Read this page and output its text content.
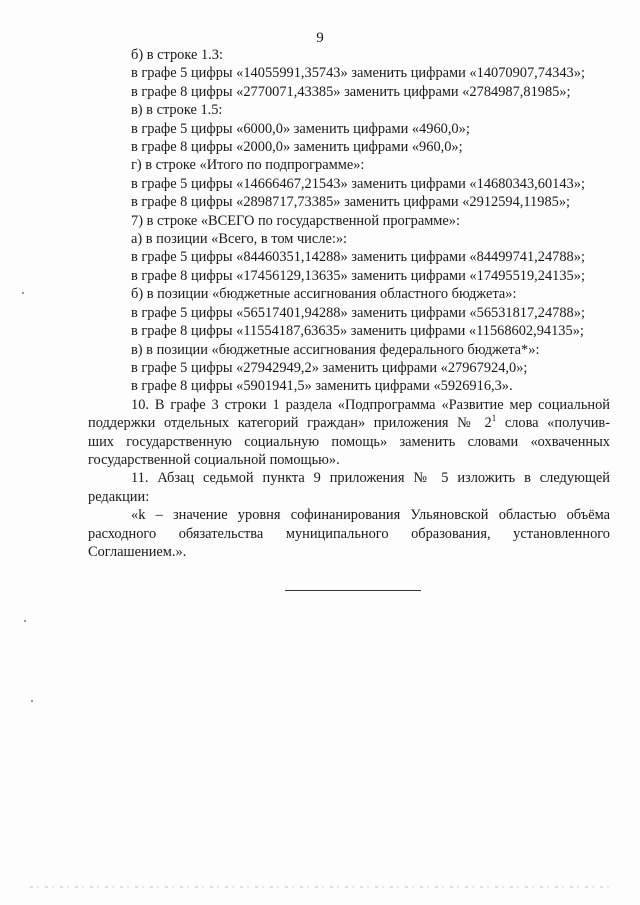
9
б) в строке 1.3:
в графе 5 цифры «14055991,35743» заменить цифрами «14070907,74343»;
в графе 8 цифры «2770071,43385» заменить цифрами «2784987,81985»;
в) в строке 1.5:
в графе 5 цифры «6000,0» заменить цифрами «4960,0»;
в графе 8 цифры «2000,0» заменить цифрами «960,0»;
г) в строке «Итого по подпрограмме»:
в графе 5 цифры «14666467,21543» заменить цифрами «14680343,60143»;
в графе 8 цифры «2898717,73385» заменить цифрами «2912594,11985»;
7) в строке «ВСЕГО по государственной программе»:
а) в позиции «Всего, в том числе:»:
в графе 5 цифры «84460351,14288» заменить цифрами «84499741,24788»;
в графе 8 цифры «17456129,13635» заменить цифрами «17495519,24135»;
б) в позиции «бюджетные ассигнования областного бюджета»:
в графе 5 цифры «56517401,94288» заменить цифрами «56531817,24788»;
в графе 8 цифры «11554187,63635» заменить цифрами «11568602,94135»;
в) в позиции «бюджетные ассигнования федерального бюджета*»:
в графе 5 цифры «27942949,2» заменить цифрами «27967924,0»;
в графе 8 цифры «5901941,5» заменить цифрами «5926916,3».
10. В графе 3 строки 1 раздела «Подпрограмма «Развитие мер социальной
поддержки отдельных категорий граждан» приложения № $2^1$ слова «получив-
ших государственную социальную помощь» заменить словами «охваченных
государственной социальной помощью».
11. Абзац седьмой пункта 9 приложения № 5 изложить в следующей
редакции:
«k – значение уровня софинанирования Ульяновской областью объёма
расходного обязательства муниципального образования, установленного
Соглашением.».
